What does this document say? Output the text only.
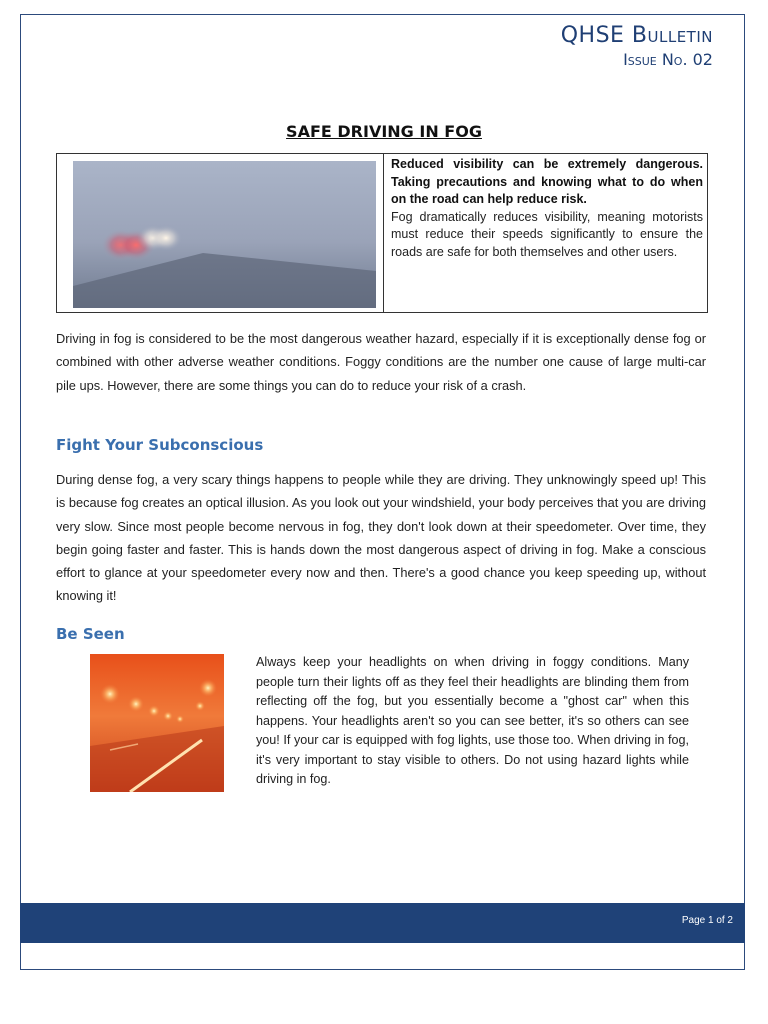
QHSE Bulletin
Issue No. 02
SAFE DRIVING IN FOG

Reduced visibility can be extremely dangerous. Taking precautions and knowing what to do when on the road can help reduce risk.

Fog dramatically reduces visibility, meaning motorists must reduce their speeds significantly to ensure the roads are safe for both themselves and other users.

Driving in fog is considered to be the most dangerous weather hazard, especially if it is exceptionally dense fog or combined with other adverse weather conditions. Foggy conditions are the number one cause of large multi-car pile ups. However, there are some things you can do to reduce your risk of a crash.

Fight Your Subconscious

During dense fog, a very scary things happens to people while they are driving. They unknowingly speed up! This is because fog creates an optical illusion. As you look out your windshield, your body perceives that you are driving very slow. Since most people become nervous in fog, they don't look down at their speedometer. Over time, they begin going faster and faster. This is hands down the most dangerous aspect of driving in fog. Make a conscious effort to glance at your speedometer every now and then. There's a good chance you keep speeding up, without knowing it!

Be Seen

Always keep your headlights on when driving in foggy conditions. Many people turn their lights off as they feel their headlights are blinding them from reflecting off the fog, but you essentially become a "ghost car" when this happens. Your headlights aren't so you can see better, it's so others can see you! If your car is equipped with fog lights, use those too. When driving in fog, it's very important to stay visible to others. Do not using hazard lights while driving in fog.

Page 1 of 2
